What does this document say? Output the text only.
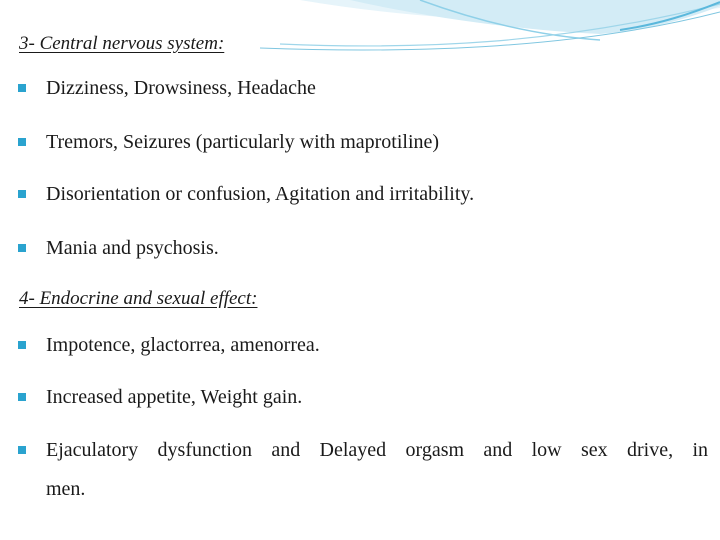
3- Central nervous system:
Dizziness, Drowsiness, Headache
Tremors, Seizures (particularly with maprotiline)
Disorientation or confusion, Agitation and irritability.
Mania and psychosis.
4- Endocrine and sexual effect:
Impotence, glactorrea, amenorrea.
Increased appetite, Weight gain.
Ejaculatory dysfunction and Delayed orgasm and low sex drive, in
men.
